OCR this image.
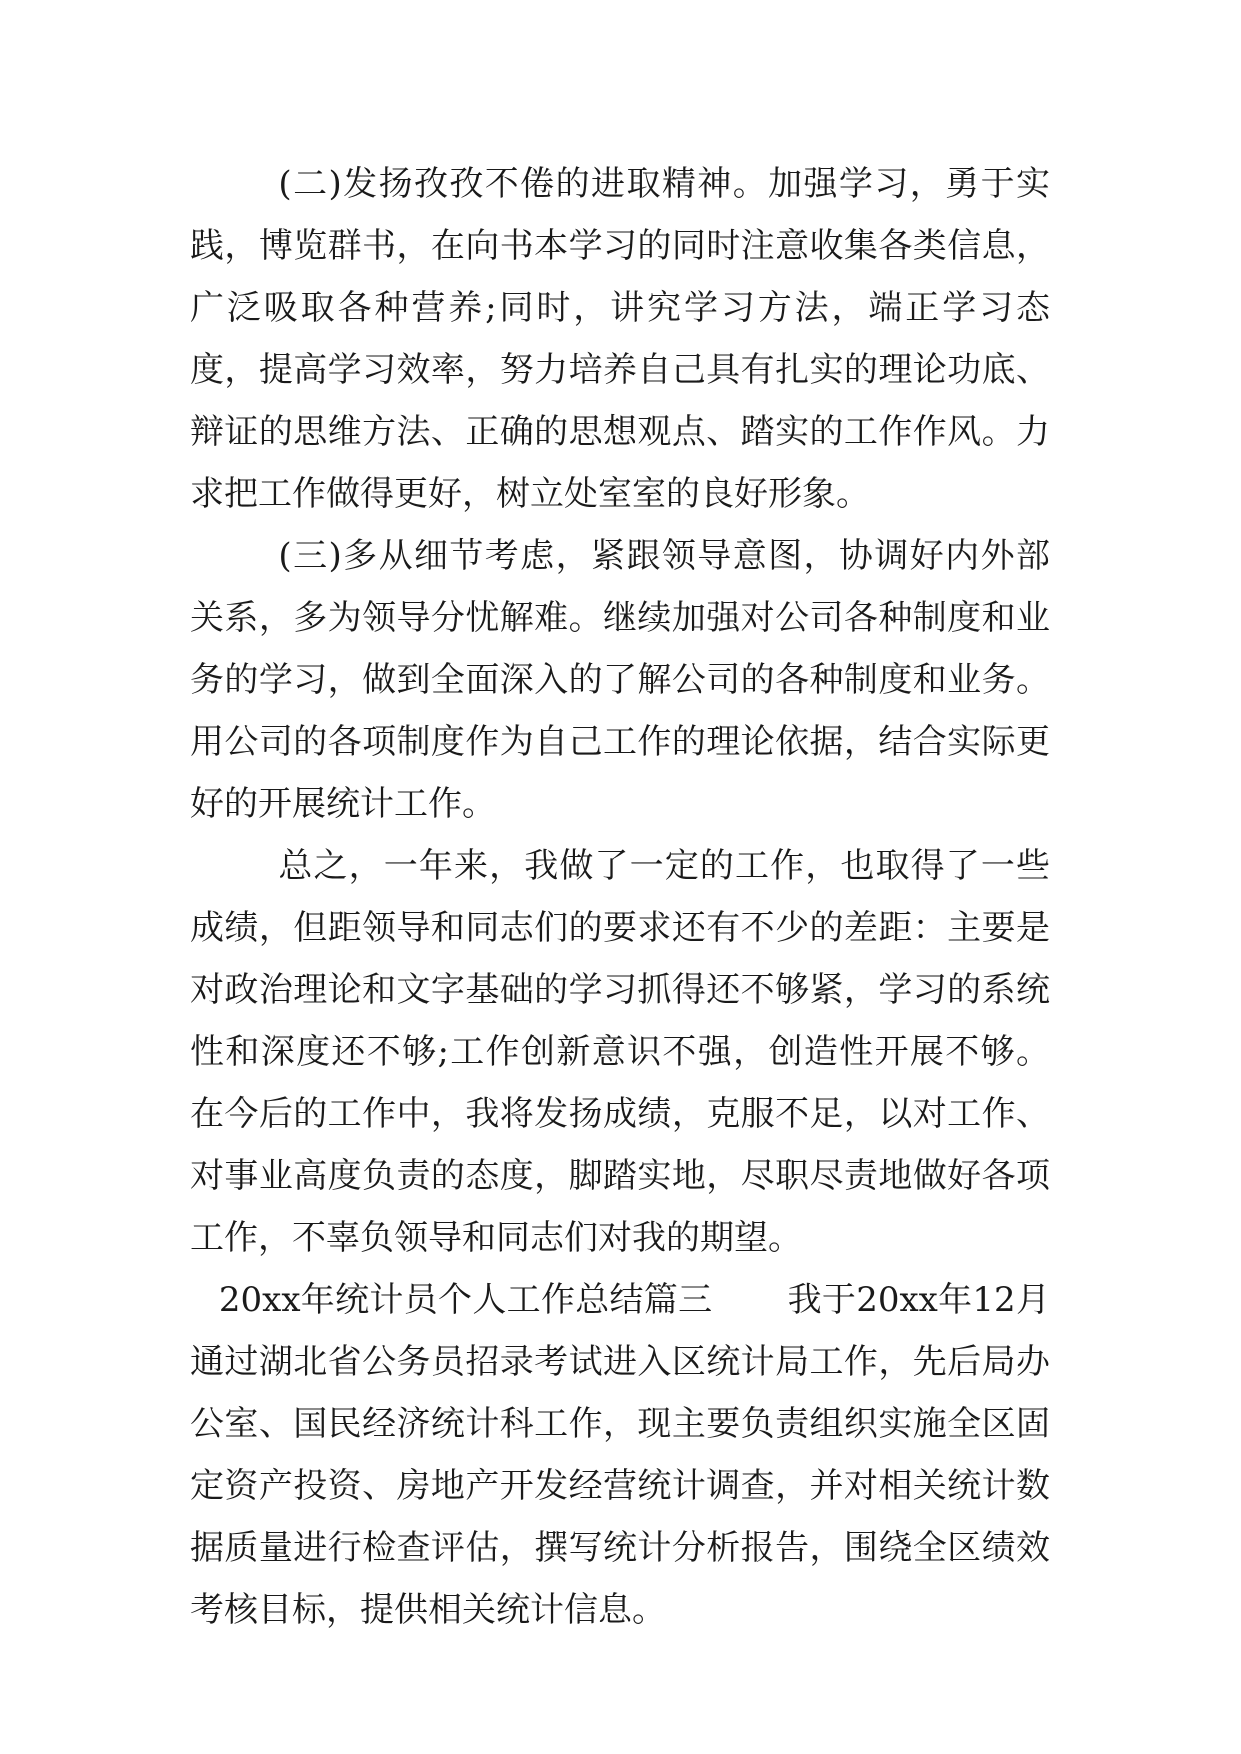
(二)发扬孜孜不倦的进取精神。加强学习，勇于实践，博览群书，在向书本学习的同时注意收集各类信息，广泛吸取各种营养;同时，讲究学习方法，端正学习态度，提高学习效率，努力培养自己具有扎实的理论功底、辩证的思维方法、正确的思想观点、踏实的工作作风。力求把工作做得更好，树立处室室的良好形象。

(三)多从细节考虑，紧跟领导意图，协调好内外部关系，多为领导分忧解难。继续加强对公司各种制度和业务的学习，做到全面深入的了解公司的各种制度和业务。用公司的各项制度作为自己工作的理论依据，结合实际更好的开展统计工作。

总之，一年来，我做了一定的工作，也取得了一些成绩，但距领导和同志们的要求还有不少的差距：主要是对政治理论和文字基础的学习抓得还不够紧，学习的系统性和深度还不够;工作创新意识不强，创造性开展不够。在今后的工作中，我将发扬成绩，克服不足，以对工作、对事业高度负责的态度，脚踏实地，尽职尽责地做好各项工作，不辜负领导和同志们对我的期望。

20xx年统计员个人工作总结篇三 我于20xx年12月通过湖北省公务员招录考试进入区统计局工作，先后局办公室、国民经济统计科工作，现主要负责组织实施全区固定资产投资、房地产开发经营统计调查，并对相关统计数据质量进行检查评估，撰写统计分析报告，围绕全区绩效考核目标，提供相关统计信息。
